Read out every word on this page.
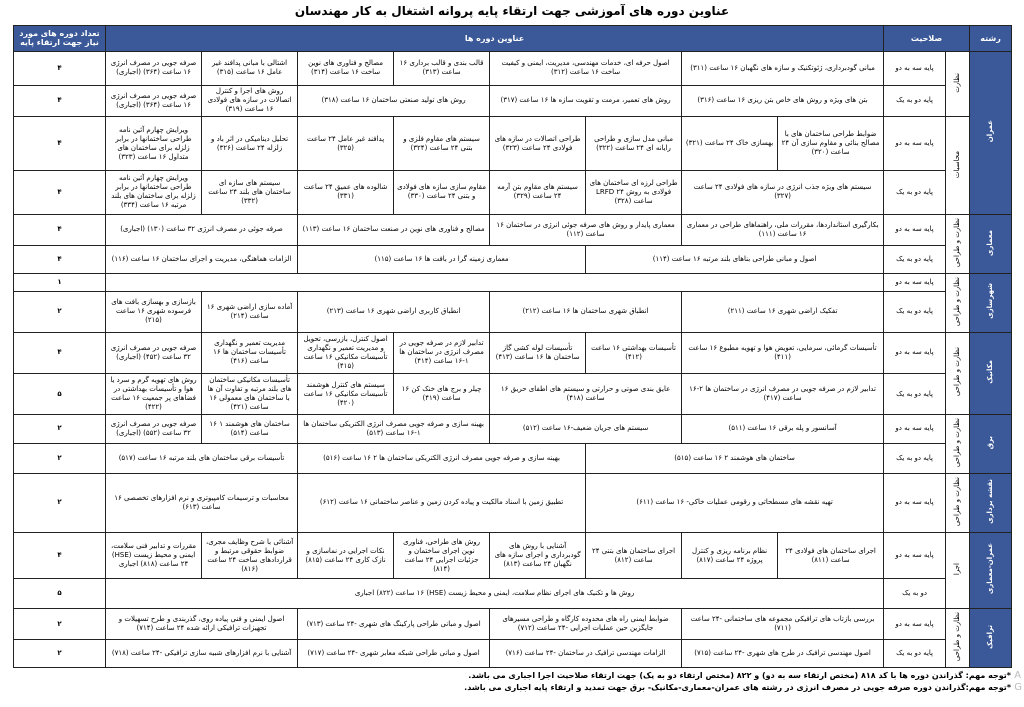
عناوین دوره های آموزشی جهت ارتقاء پایه پروانه اشتغال به کار مهندسان
رشته	صلاحیت		عناوین دوره ها								تعداد دوره های مورد نیاز جهت ارتقاء پایه
عمران	نظارت	پایه سه به دو	مبانی گودبرداری، ژئوتکنیک و سازه های نگهبان ۱۶ ساعت (۳۱۱)		اصول حرفه ای، خدمات مهندسی، مدیریت، ایمنی و کیفیت ساخت ۱۶ ساعت (۳۱۲)		قالب بندی و قالب برداری ۱۶ ساعت (۳۱۳)	مصالح و فناوری های نوین ساخت ۱۶ ساعت (۳۱۴)	اشتالی با مبانی پدافند غیر عامل ۱۶ ساعت (۳۱۵)	صرفه جویی در مصرف انرژی ۱۶ ساعت (۳۶۴) (اجباری)	۴
		پایه دو به یک	بتن های ویژه و روش های خاص بتن ریزی ۱۶ ساعت (۳۱۶)		روش های تعمیر، مرمت و تقویت سازه ها ۱۶ ساعت (۳۱۷)		روش های تولید صنعتی ساختمان ۱۶ ساعت (۳۱۸)		روش های اجرا و کنترل اتصالات در سازه های فولادی ۱۶ ساعت (۳۱۹)	صرفه جویی در مصرف انرژی ۱۶ ساعت (۳۶۴) (اجباری)	۴
	محاسبات	پایه سه به دو	ضوابط طراحی ساختمان های با مصالح بنائی و مقاوم سازی آن ۲۴ ساعت (۳۲۰)	بهسازی خاک ۲۴ ساعت (۳۲۱)	مبانی مدل سازی و طراحی رایانه ای ۲۴ ساعت (۳۲۲)	طراحی اتصالات در سازه های فولادی ۲۴ ساعت (۳۲۳)	سیستم های مقاوم فلزی و بتنی ۲۴ ساعت (۳۲۴)	پدافند غیر عامل ۲۴ ساعت (۳۲۵)	تحلیل دینامیکی در اثر باد و زلزله ۲۴ ساعت (۳۲۶)	ویرایش چهارم آئین نامه طراحی ساختمانها در برابر زلزله برای ساختمان های متداول ۱۶ ساعت (۳۲۳)	۴
		پایه دو به یک	سیستم های ویژه جذب انرژی در سازه های فولادی ۲۴ ساعت (۳۲۷)		طراحی لرزه ای ساختمان های فولادی به روش LRFD ۲۴ ساعت (۳۲۸)	سیستم های مقاوم بتن آرمه ۲۴ ساعت (۳۲۹)	مقاوم سازی سازه های فولادی و بتنی ۲۴ ساعت (۳۳۰)	شالوده های عمیق ۲۴ ساعت (۳۳۱)	سیستم های سازه ای ساختمان های بلند ۲۴ ساعت (۳۳۲)	ویرایش چهارم آئین نامه طراحی ساختمانها در برابر زلزله برای ساختمان های بلند مرتبه ۱۶ ساعت (۳۳۴)	۴
معماری	نظارت و طراحی	پایه سه به دو	بکارگیری استانداردها، مقررات ملی، راهنماهای طراحی در معماری ۱۶ ساعت (۱۱۱)		معماری پایدار و روش های صرفه جوئی انرژی در ساختمان ۱۶ ساعت (۱۱۲)		مصالح و فناوری های نوین در صنعت ساختمان ۱۶ ساعت (۱۱۳)		صرفه جوئی در مصرف انرژی ۳۲ ساعت (۱۳۰) (اجباری)		۴
		پایه دو به یک	اصول و مبانی طراحی بناهای بلند مرتبه ۱۶ ساعت (۱۱۴)			معماری زمینه گرا در بافت ها ۱۶ ساعت (۱۱۵)			الزامات هماهنگی، مدیریت و اجرای ساختمان ۱۶ ساعت (۱۱۶)		۴
شهرسازی	نظارت و طراحی	پایه سه به دو									۱
		پایه دو به یک	تفکیک اراضی شهری ۱۶ ساعت (۲۱۱)		انطباق شهری ساختمان ها ۱۶ ساعت (۲۱۲)		انطباق کاربری اراضی شهری ۱۶ ساعت (۲۱۳)		آماده سازی اراضی شهری ۱۶ ساعت (۲۱۴)	بازسازی و بهسازی بافت های فرسوده شهری ۱۶ ساعت (۲۱۵)	۲
مکانیک	نظارت و طراحی	پایه سه به دو	تأسیسات گرمائی، سرمایی، تعویض هوا و تهویه مطبوع ۱۶ ساعت (۴۱۱)		تأسیسات بهداشتی ۱۶ ساعت (۴۱۲)	تأسیسات لوله کشی گاز ساختمان ها ۱۶ ساعت (۴۱۳)	تدابیر لازم در صرفه جویی در مصرف انرژی در ساختمان ها ۱-۱۶ ساعت (۴۱۴)	اصول کنترل، بازرسی، تحویل و مدیریت تعمیر و نگهداری تأسیسات مکانیکی ۱۶ ساعت (۴۱۵)	مدیریت تعمیر و نگهداری تأسیسات ساختمان ها ۱۶ ساعت (۴۱۶)	صرفه جویی در مصرف انرژی ۳۲ ساعت (۴۵۲) (اجباری)	۴
		پایه دو به یک	تدابیر لازم در صرفه جویی در مصرف انرژی در ساختمان ها ۲-۱۶ ساعت (۴۱۷)		عایق بندی صوتی و حرارتی و سیستم های اطفای حریق ۱۶ ساعت (۴۱۸)		چیلر و برج های خنک کن ۱۶ ساعت (۴۱۹)	سیستم های کنترل هوشمند تأسیسات مکانیکی ۱۶ ساعت (۴۲۰)	تأسیسات مکانیکی ساختمان های بلند مرتبه و تفاوت آن ها با ساختمان های معمولی ۱۶ ساعت (۴۲۱)	روش های تهویه گرم و سرد یا هوا و تأسیسات بهداشتی در فضاهای پر جمعیت ۱۶ ساعت (۴۲۲)	۵
برق	نظارت و طراحی	پایه سه به دو	آسانسور و پله برقی ۱۶ ساعت (۵۱۱)		سیستم های جریان ضعیف-۱۶ ساعت (۵۱۲)		بهینه سازی و صرفه جویی مصرف انرژی الکتریکی ساختمان ها ۱-۱۶ ساعت (۵۱۳)		ساختمان های هوشمند ۱ ۱۶ ساعت (۵۱۴)	صرفه جویی در مصرف انرژی ۳۲ ساعت (۵۵۲) (اجباری)	۲
		پایه دو به یک	ساختمان های هوشمند ۲ ۱۶ ساعت (۵۱۵)			بهینه سازی و صرفه جویی مصرف انرژی الکتریکی ساختمان ها ۲ ۱۶ ساعت (۵۱۶)			تأسیسات برقی ساختمان های بلند مرتبه ۱۶ ساعت (۵۱۷)		۲
نقشه برداری	نظارت و طراحی	پایه سه به دو	تهیه نقشه های مسطحاتی و رقومی عملیات خاکی- ۱۶ ساعت (۶۱۱)			تطبیق زمین با اسناد مالکیت و پیاده کردن زمین و عناصر ساختمانی ۱۶ ساعت (۶۱۲)			محاسبات و ترسیمات کامپیوتری و نرم افزارهای تخصصی ۱۶ ساعت (۶۱۳)		۲
عمران-معماری	اجرا	پایه سه به دو	اجرای ساختمان های فولادی ۲۴ ساعت (۸۱۱)	نظام برنامه ریزی و کنترل پروژه ۲۴ ساعت (۸۱۷)	اجرای ساختمان های بتنی ۲۴ ساعت (۸۱۲)	آشنایی با روش های گودبرداری و اجرای سازه های نگهبان ۲۴ ساعت (۸۱۳)	روش های طراحی، فناوری نوین اجرای ساختمان و جزئیات اجرایی ۲۴ ساعت (۸۱۴)	نکات اجرایی در نماسازی و نازک کاری ۲۴ ساعت (۸۱۵)	آشنائی با شرح وظایف مجری، ضوابط حقوقی مرتبط و قراردادهای ساخت ۲۴ ساعت (۸۱۶)	مقررات و تدابیر فنی سلامت، ایمنی و محیط زیست (HSE) ۲۴ ساعت (۸۱۸) اجباری	۴
		دو به یک	روش ها و تکنیک های اجرای نظام سلامت، ایمنی و محیط زیست (HSE) ۱۶ ساعت (۸۲۲) اجباری								۵
ترافیک	نظارت و طراحی	پایه سه به دو	بررسی بازتاب های ترافیکی مجموعه های ساختمانی -۲۴ ساعت (۷۱۱)		ضوابط ایمنی راه های محدوده کارگاه و طراحی مسیرهای جایگزین حین عملیات اجرایی -۲۴ ساعت (۷۱۲)		اصول و مبانی طراحی پارکینگ های شهری -۲۴ ساعت (۷۱۳)		اصول ایمنی و فنی پیاده روی، گذربندی و طرح تسهیلات و تجهیزات ترافیکی ارائه شده ۲۴ ساعت (۷۱۴)		۲
		پایه دو به یک	اصول مهندسی ترافیک در طرح های شهری -۲۴ ساعت (۷۱۵)		الزامات مهندسی ترافیک در ساختمان -۲۴ ساعت (۷۱۶)		اصول و مبانی طراحی شبکه معابر شهری -۲۴ ساعت (۷۱۷)		آشنایی با نرم افزارهای شبیه سازی ترافیکی -۲۴ ساعت (۷۱۸)		۲
*توجه مهم: گذراندن دوره ها با کد ۸۱۸ (مختص ارتقاء سه به دو) و ۸۲۲ (مختص ارتقاء دو به یک) جهت ارتقاء صلاحیت اجرا اجباری می باشد.
*توجه مهم:گذراندن دوره صرفه جویی در مصرف انرژی در رشته های عمران-معماری-مکانیک- برق جهت تمدید و ارتقاء پایه اجباری می باشد.
A
G
